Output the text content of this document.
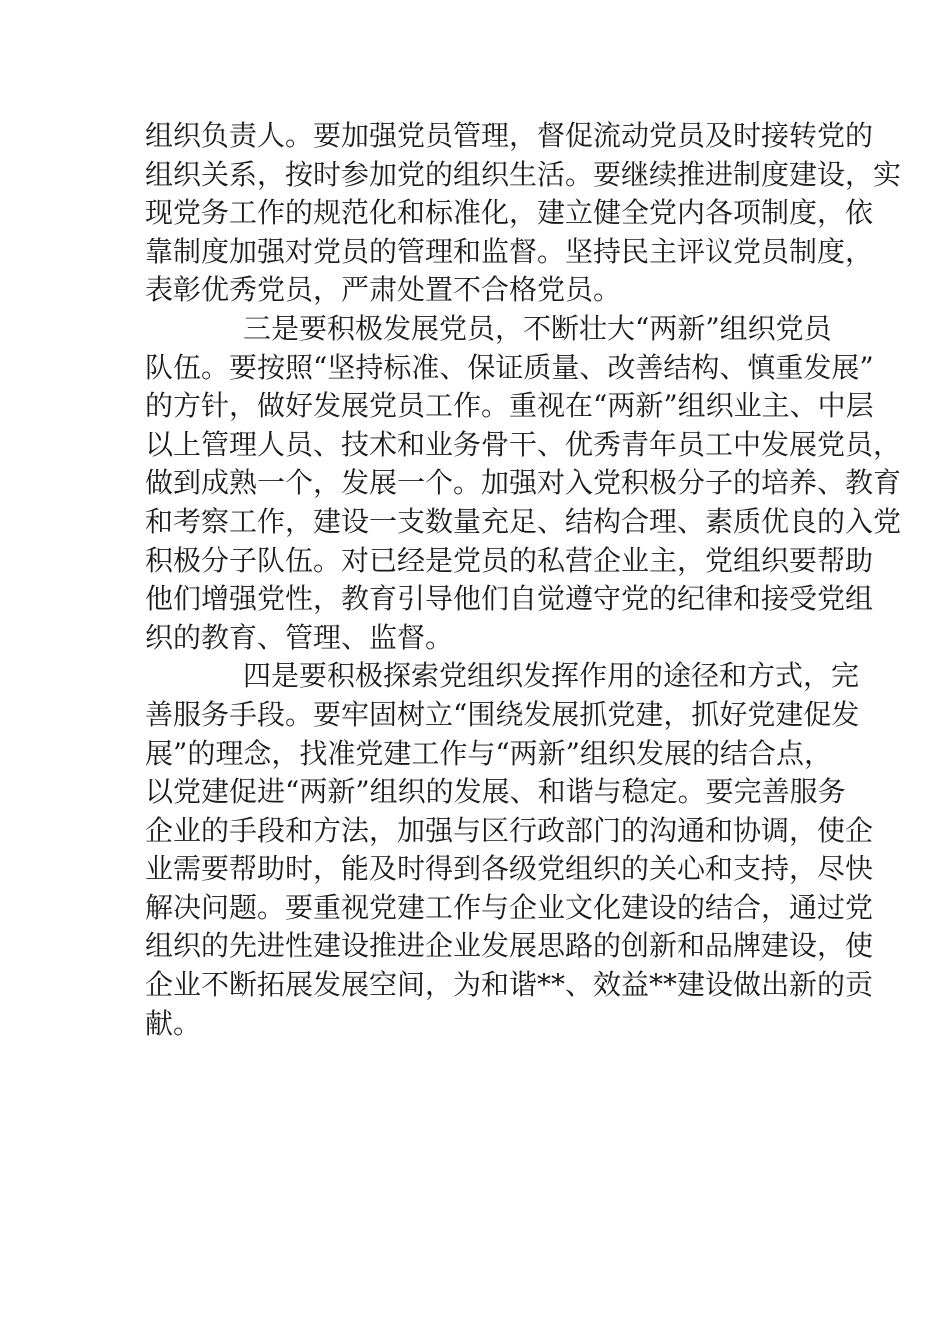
组织负责人。要加强党员管理，督促流动党员及时接转党的
组织关系，按时参加党的组织生活。要继续推进制度建设，实
现党务工作的规范化和标准化，建立健全党内各项制度，依
靠制度加强对党员的管理和监督。坚持民主评议党员制度，
表彰优秀党员，严肃处置不合格党员。
三是要积极发展党员，不断壮大“两新”组织党员
队伍。要按照“坚持标准、保证质量、改善结构、慎重发展”
的方针，做好发展党员工作。重视在“两新”组织业主、中层
以上管理人员、技术和业务骨干、优秀青年员工中发展党员，
做到成熟一个，发展一个。加强对入党积极分子的培养、教育
和考察工作，建设一支数量充足、结构合理、素质优良的入党
积极分子队伍。对已经是党员的私营企业主，党组织要帮助
他们增强党性，教育引导他们自觉遵守党的纪律和接受党组
织的教育、管理、监督。
四是要积极探索党组织发挥作用的途径和方式，完
善服务手段。要牢固树立“围绕发展抓党建，抓好党建促发
展”的理念，找准党建工作与“两新”组织发展的结合点，
以党建促进“两新”组织的发展、和谐与稳定。要完善服务
企业的手段和方法，加强与区行政部门的沟通和协调，使企
业需要帮助时，能及时得到各级党组织的关心和支持，尽快
解决问题。要重视党建工作与企业文化建设的结合，通过党
组织的先进性建设推进企业发展思路的创新和品牌建设，使
企业不断拓展发展空间，为和谐**、效益**建设做出新的贡
献。
